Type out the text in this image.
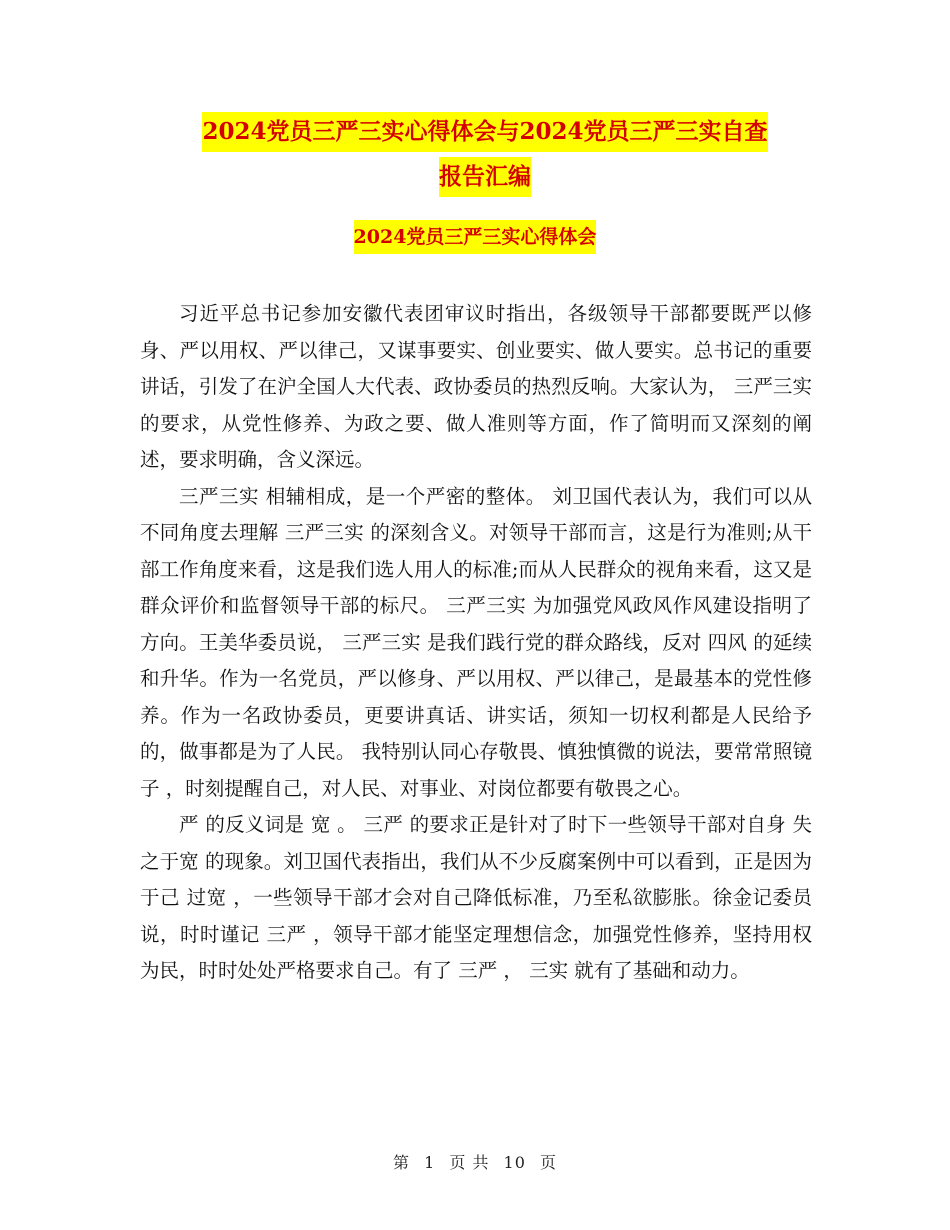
2024党员三严三实心得体会与2024党员三严三实自查
报告汇编
2024党员三严三实心得体会

习近平总书记参加安徽代表团审议时指出，各级领导干部都要既严以修身、严以用权、严以律己，又谋事要实、创业要实、做人要实。总书记的重要讲话，引发了在沪全国人大代表、政协委员的热烈反响。大家认为， 三严三实 的要求，从党性修养、为政之要、做人准则等方面，作了简明而又深刻的阐述，要求明确，含义深远。

三严三实 相辅相成，是一个严密的整体。 刘卫国代表认为，我们可以从不同角度去理解 三严三实 的深刻含义。对领导干部而言，这是行为准则;从干部工作角度来看，这是我们选人用人的标准;而从人民群众的视角来看，这又是群众评价和监督领导干部的标尺。 三严三实 为加强党风政风作风建设指明了方向。王美华委员说， 三严三实 是我们践行党的群众路线，反对 四风 的延续和升华。作为一名党员，严以修身、严以用权、严以律己，是最基本的党性修养。作为一名政协委员，更要讲真话、讲实话，须知一切权利都是人民给予的，做事都是为了人民。 我特别认同心存敬畏、慎独慎微的说法，要常常照镜子 ，时刻提醒自己，对人民、对事业、对岗位都要有敬畏之心。

严 的反义词是 宽 。 三严 的要求正是针对了时下一些领导干部对自身 失之于宽 的现象。刘卫国代表指出，我们从不少反腐案例中可以看到，正是因为于己 过宽 ，一些领导干部才会对自己降低标准，乃至私欲膨胀。徐金记委员说，时时谨记 三严 ，领导干部才能坚定理想信念，加强党性修养，坚持用权为民，时时处处严格要求自己。有了 三严 ， 三实 就有了基础和动力。

第 1 页 共 10 页
